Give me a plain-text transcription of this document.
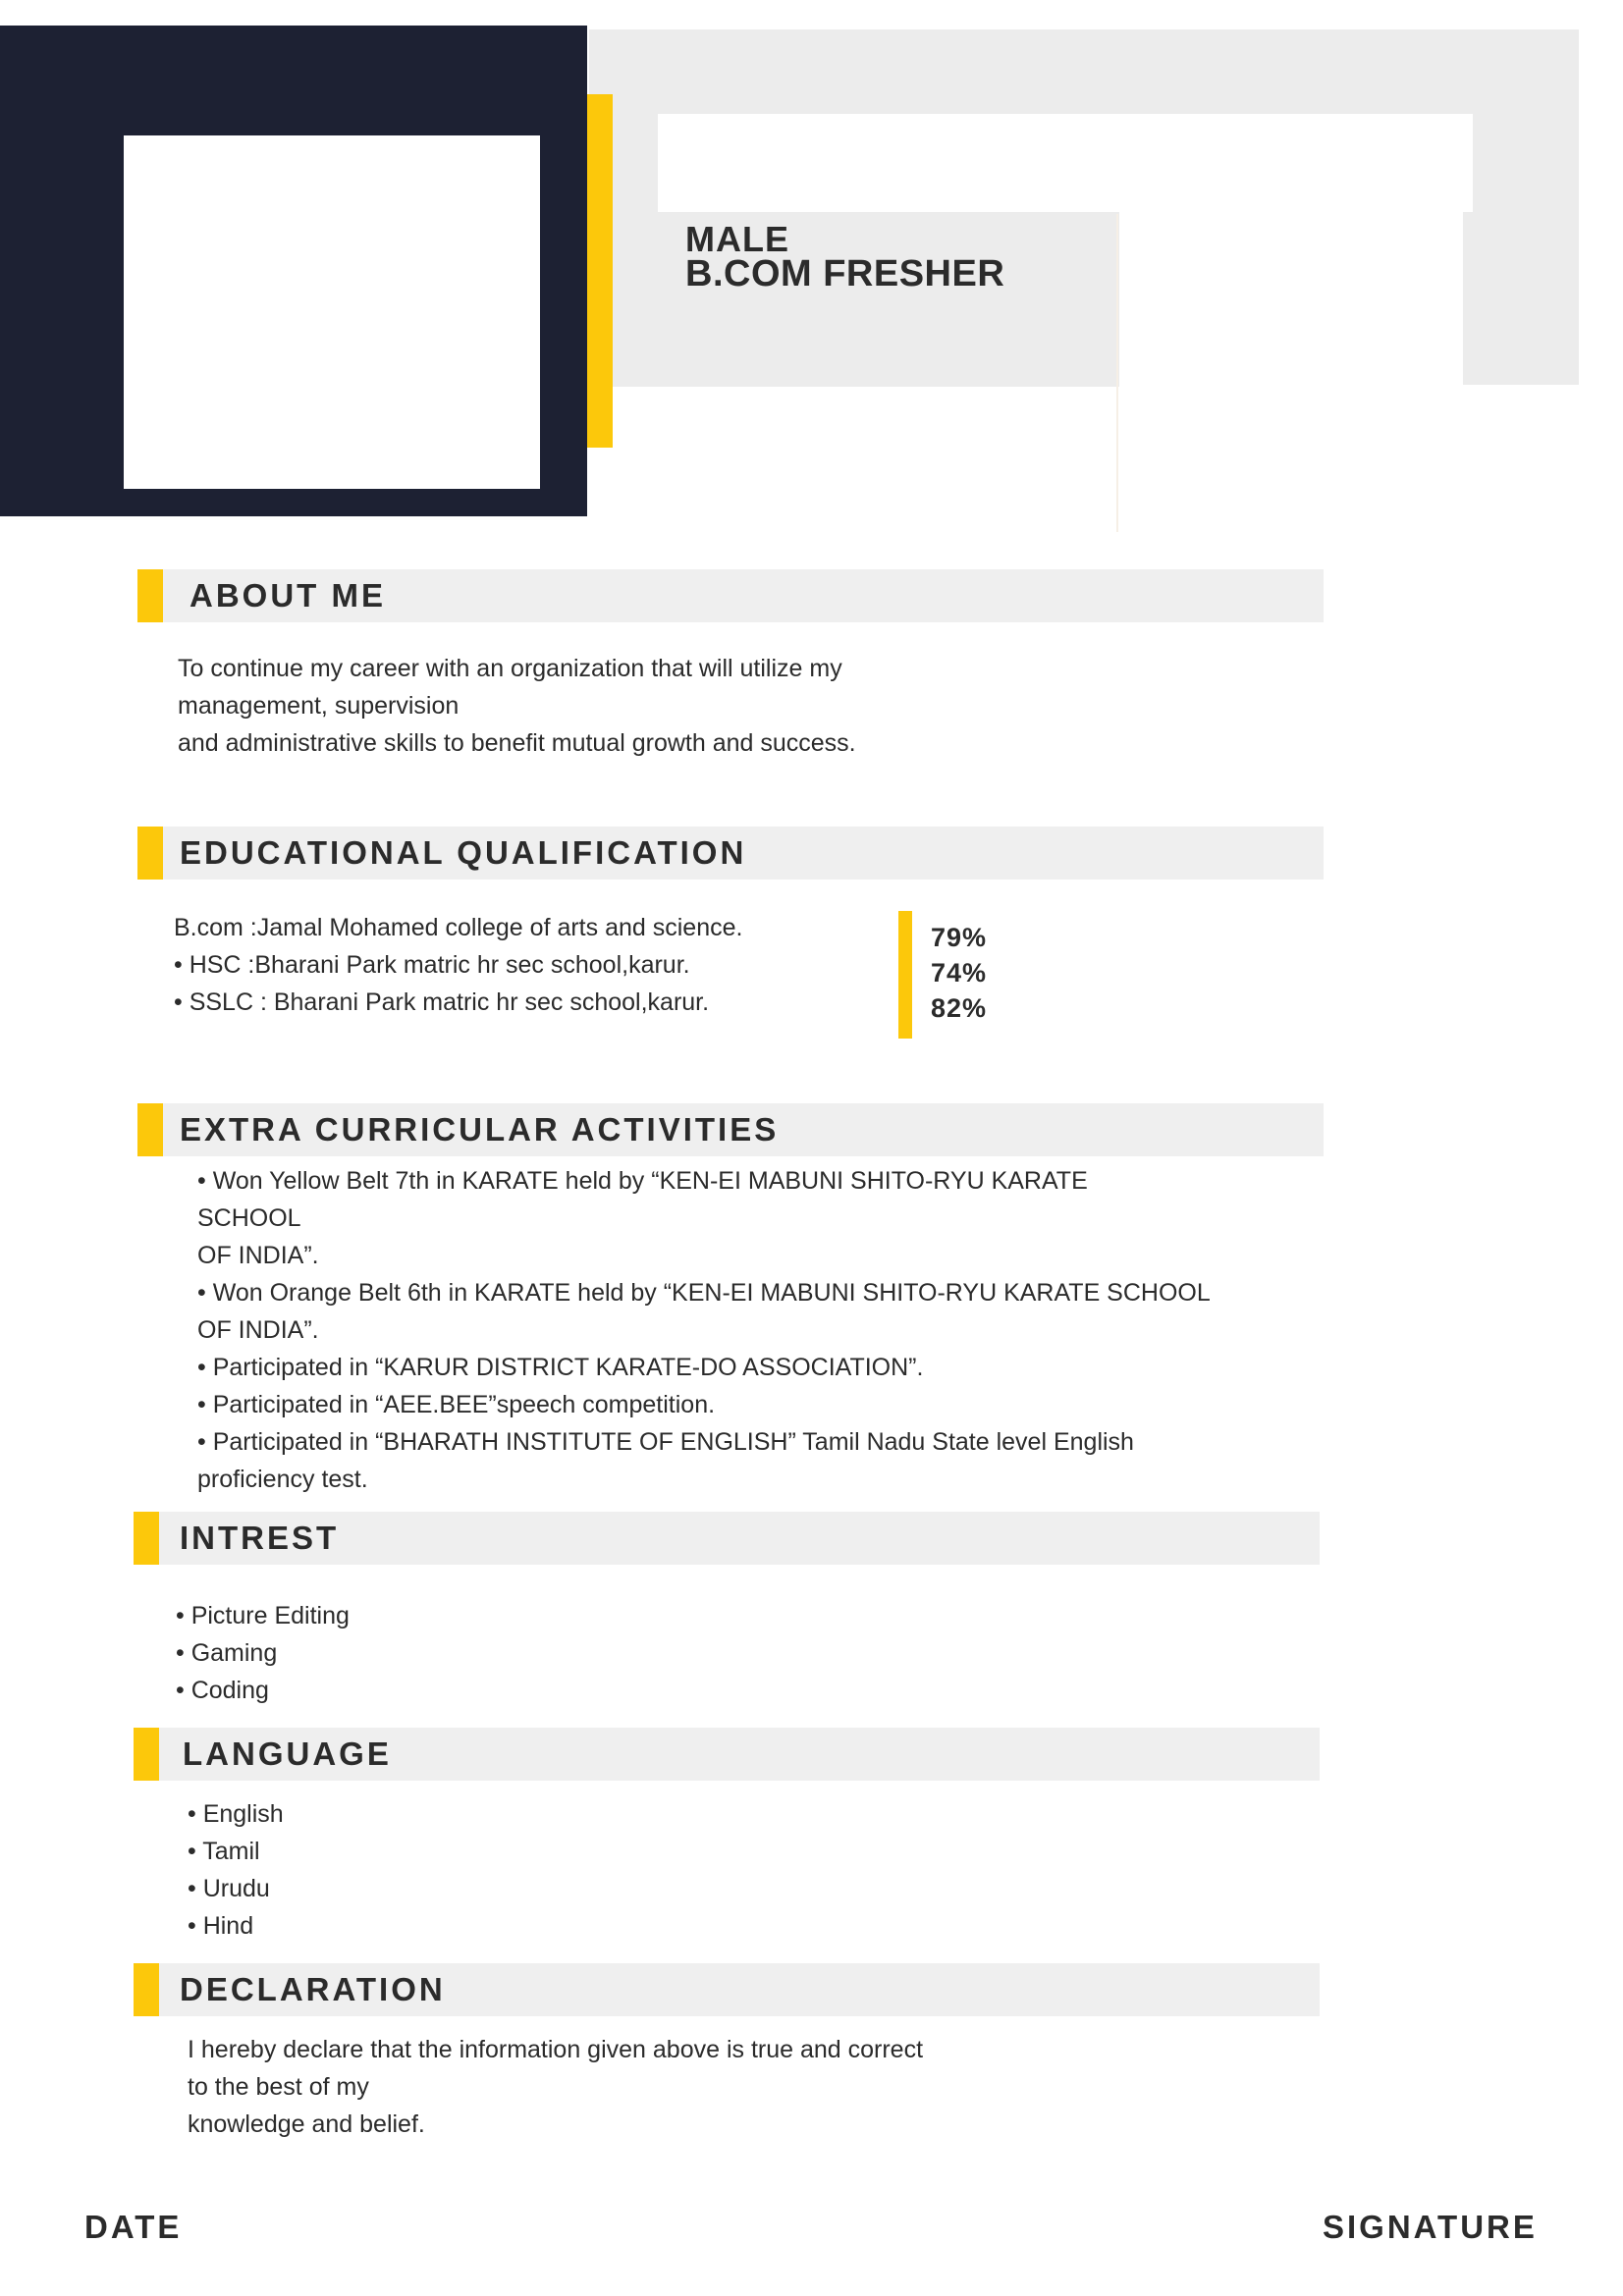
MALE
B.COM FRESHER
ABOUT ME

To continue my career with an organization that will utilize my

management, supervision

and administrative skills to benefit mutual growth and success.

EDUCATIONAL QUALIFICATION

B.com :Jamal Mohamed college of arts and science.

• HSC :Bharani Park matric hr sec school,karur.

• SSLC : Bharani Park matric hr sec school,karur.

79%

74%

82%

EXTRA CURRICULAR ACTIVITIES

• Won Yellow Belt 7th in KARATE held by “KEN-EI MABUNI SHITO-RYU KARATE

SCHOOL

OF INDIA”.

• Won Orange Belt 6th in KARATE held by “KEN-EI MABUNI SHITO-RYU KARATE SCHOOL

OF INDIA”.

• Participated in “KARUR DISTRICT KARATE-DO ASSOCIATION”.

• Participated in “AEE.BEE”speech competition.

• Participated in “BHARATH INSTITUTE OF ENGLISH” Tamil Nadu State level English

proficiency test.

INTREST

• Picture Editing

• Gaming

• Coding

LANGUAGE

• English

• Tamil

• Urudu

• Hind

DECLARATION

I hereby declare that the information given above is true and correct

to the best of my

knowledge and belief.

DATE	SIGNATURE
